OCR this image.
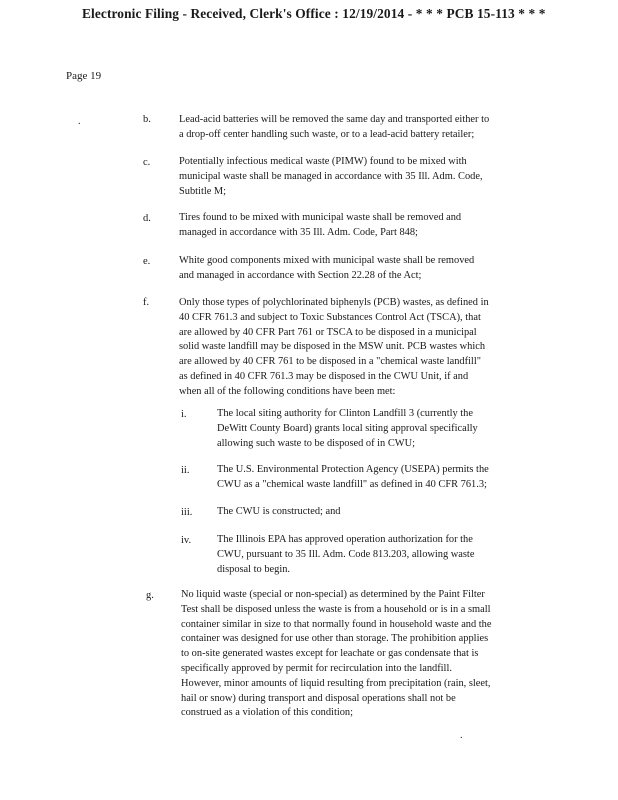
Electronic Filing - Received, Clerk's Office : 12/19/2014 - * * * PCB 15-113 * * *
Page 19
.	b.	Lead-acid batteries will be removed the same day and transported either to
a drop-off center handling such waste, or to a lead-acid battery retailer;
c.	Potentially infectious medical waste (PIMW) found to be mixed with
municipal waste shall be managed in accordance with 35 Ill. Adm. Code,
Subtitle M;
d.	Tires found to be mixed with municipal waste shall be removed and
managed in accordance with 35 Ill. Adm. Code, Part 848;
e.	White good components mixed with municipal waste shall be removed
and managed in accordance with Section 22.28 of the Act;
f.	Only those types of polychlorinated biphenyls (PCB) wastes, as defined in
40 CFR 761.3 and subject to Toxic Substances Control Act (TSCA), that
are allowed by 40 CFR Part 761 or TSCA to be disposed in a municipal
solid waste landfill may be disposed in the MSW unit. PCB wastes which
are allowed by 40 CFR 761 to be disposed in a "chemical waste landfill"
as defined in 40 CFR 761.3 may be disposed in the CWU Unit, if and
when all of the following conditions have been met:
i.	The local siting authority for Clinton Landfill 3 (currently the
DeWitt County Board) grants local siting approval specifically
allowing such waste to be disposed of in CWU;
ii.	The U.S. Environmental Protection Agency (USEPA) permits the
CWU as a "chemical waste landfill" as defined in 40 CFR 761.3;
iii. The CWU is constructed; and
iv. The Illinois EPA has approved operation authorization for the
CWU, pursuant to 35 Ill. Adm. Code 813.203, allowing waste
disposal to begin.
g.	No liquid waste (special or non-special) as determined by the Paint Filter
Test shall be disposed unless the waste is from a household or is in a small
container similar in size to that normally found in household waste and the
container was designed for use other than storage. The prohibition applies
to on-site generated wastes except for leachate or gas condensate that is
specifically approved by permit for recirculation into the landfill.
However, minor amounts of liquid resulting from precipitation (rain, sleet,
hail or snow) during transport and disposal operations shall not be
construed as a violation of this condition;
.
